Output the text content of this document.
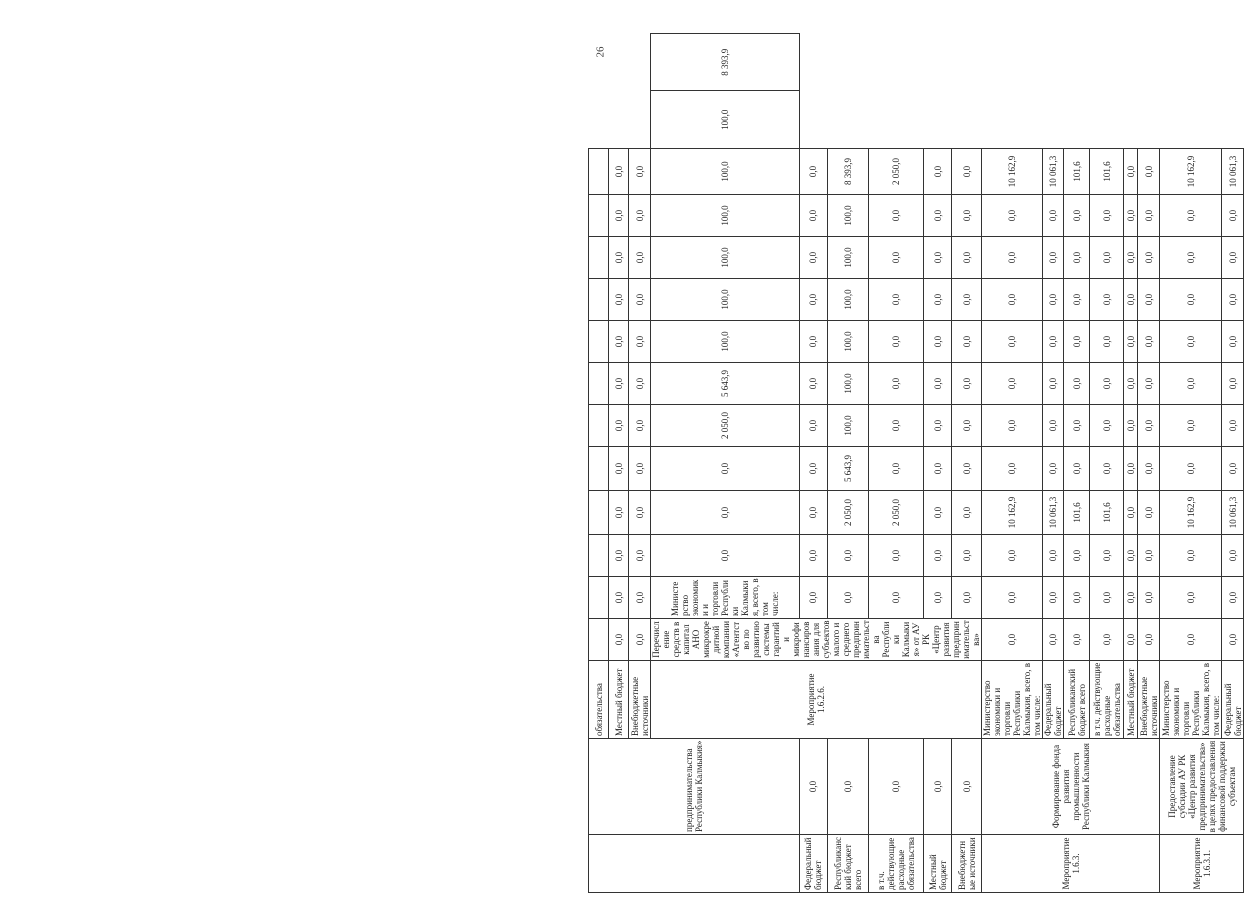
26
	предпринимательства Республики Калмыкия»	обязательства														
		Местный бюджет	0,0	0,0	0,0	0,0	0,0	0,0	0,0	0,0	0,0	0,0	0,0	0,0		
		Внебюджетные источники	0,0	0,0	0,0	0,0	0,0	0,0	0,0	0,0	0,0	0,0	0,0	0,0		
		Мероприятие 1.6.2.6.	Перечисление средств в капитал АНО микрокредитной компании «Агентство по развитию системы гарантий и микрофинансирования для субъектов малого и среднего предпринимательства Республики Калмыкия» от АУ РК «Центр развития предпринимательства»	Министерство экономики и торговли Республики Калмыкия, всего, в том числе:	0,0	0,0	0,0	2 050,0	5 643,9	100,0	100,0	100,0	100,0	100,0	100,0	8 393,9
Федеральный бюджет	0,0			0,0	0,0	0,0	0,0	0,0	0,0	0,0	0,0	0,0	0,0	0,0		
Республиканский бюджет всего	0,0			0,0	0,0	2 050,0	5 643,9	100,0	100,0	100,0	100,0	100,0	100,0	8 393,9		
в т.ч. действующие расходные обязательства	0,0			0,0	0,0	2 050,0	0,0	0,0	0,0	0,0	0,0	0,0	0,0	2 050,0		
Местный бюджет	0,0			0,0	0,0	0,0	0,0	0,0	0,0	0,0	0,0	0,0	0,0	0,0		
Внебюджетные источники	0,0			0,0	0,0	0,0	0,0	0,0	0,0	0,0	0,0	0,0	0,0	0,0		
Мероприятие 1.6.3.	Формирование фонда развития промышленности Республики Калмыкия	Министерство экономики и торговли Республики Калмыкия, всего, в том числе:	0,0	0,0	0,0	10 162,9	0,0	0,0	0,0	0,0	0,0	0,0	0,0	10 162,9		
		Федеральный бюджет	0,0	0,0	0,0	10 061,3	0,0	0,0	0,0	0,0	0,0	0,0	0,0	10 061,3		
		Республиканский бюджет всего	0,0	0,0	0,0	101,6	0,0	0,0	0,0	0,0	0,0	0,0	0,0	101,6		
		в т.ч. действующие расходные обязательства	0,0	0,0	0,0	101,6	0,0	0,0	0,0	0,0	0,0	0,0	0,0	101,6		
		Местный бюджет	0,0	0,0	0,0	0,0	0,0	0,0	0,0	0,0	0,0	0,0	0,0	0,0		
		Внебюджетные источники	0,0	0,0	0,0	0,0	0,0	0,0	0,0	0,0	0,0	0,0	0,0	0,0		
Мероприятие 1.6.3.1.	Предоставление субсидии АУ РК «Центр развития предпринимательства» в целях предоставления финансовой поддержки субъектам	Министерство экономики и торговли Республики Калмыкия, всего, в том числе:	0,0	0,0	0,0	10 162,9	0,0	0,0	0,0	0,0	0,0	0,0	0,0	10 162,9		
		Федеральный бюджет	0,0	0,0	0,0	10 061,3	0,0	0,0	0,0	0,0	0,0	0,0	0,0	10 061,3		
